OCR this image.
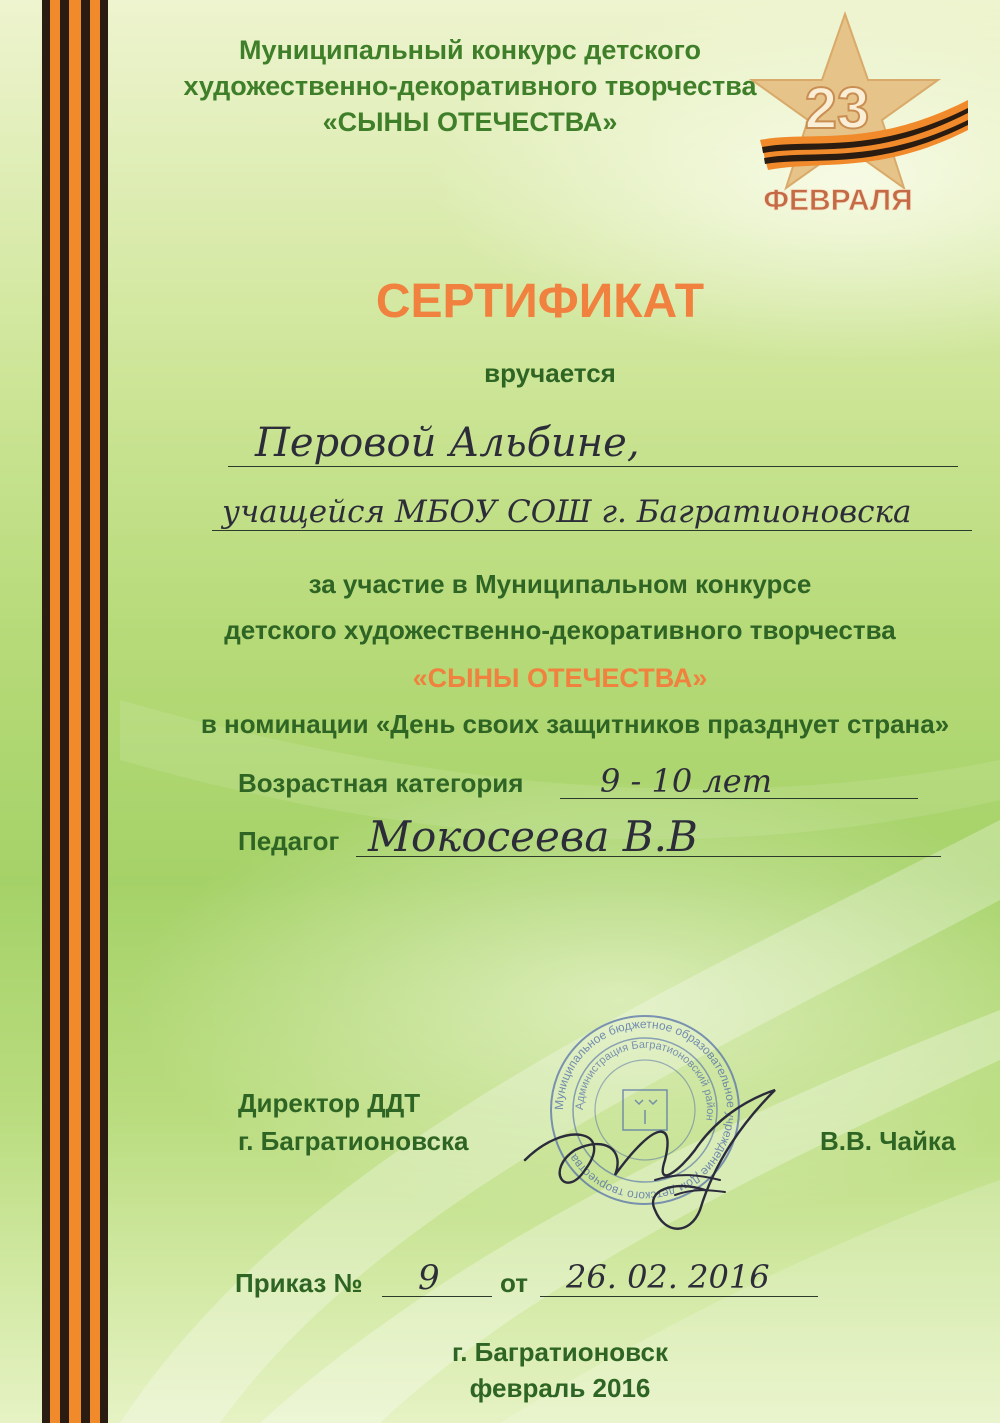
Муниципальный конкурс детского

художественно-декоративного творчества

«СЫНЫ ОТЕЧЕСТВА»	23
ФЕВРАЛЯ

СЕРТИФИКАТ

вручается

Перовой Альбине,
учащейся МБОУ СОШ г. Багратионовска

за участие в Муниципальном конкурсе

детского художественно-декоративного творчества

«СЫНЫ ОТЕЧЕСТВА»

в номинации «День своих защитников празднует страна»

Возрастная категория	9 - 10 лет
Педагог Мокосеева В.В
Директор ДДТ
г. Багратионовска	В.В. Чайка
Муниципальное бюджетное образовательное учреждение Дом детского творчества
Администрация Багратионовский район
Приказ №	9 от	26. 02. 2016

г. Багратионовск

февраль 2016
